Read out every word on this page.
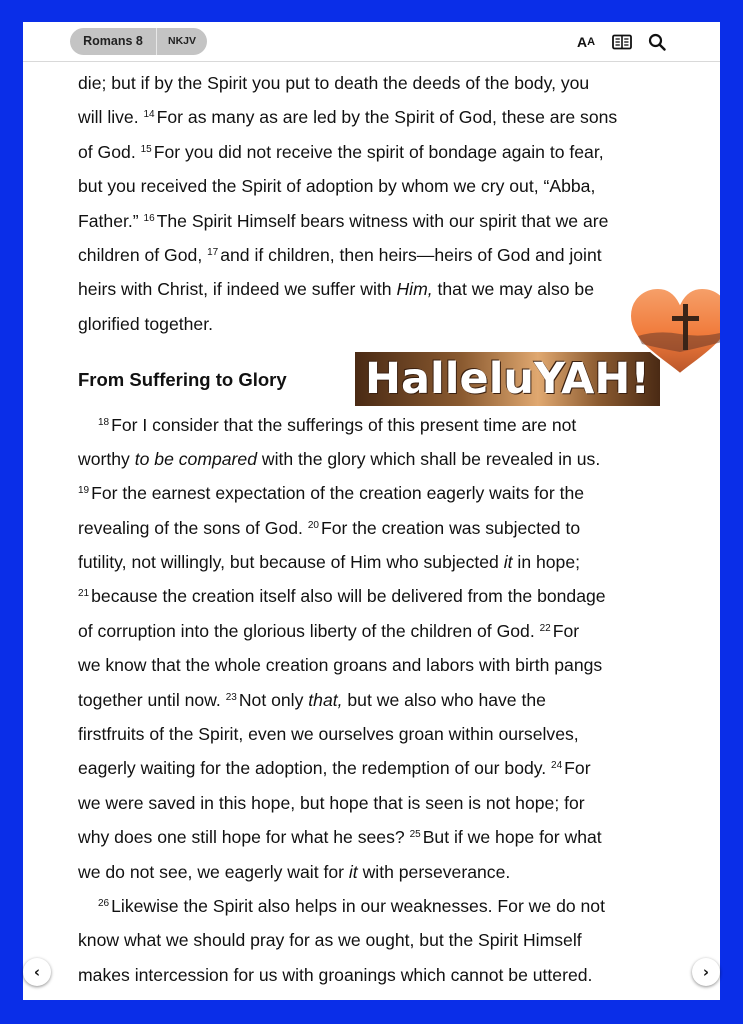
Romans 8	NKJV	A A

die; but if by the Spirit you put to death the deeds of the body, you
will live. $^{14}$ For as many as are led by the Spirit of God, these are sons
of God. $^{15}$ For you did not receive the spirit of bondage again to fear,
but you received the Spirit of adoption by whom we cry out, “Abba,
Father.” $^{16}$ The Spirit Himself bears witness with our spirit that we are
children of God, $^{17}$ and if children, then heirs—heirs of God and joint
heirs with Christ, if indeed we suffer with Him, that we may also be
glorified together.

From Suffering to Glory

$^{18}$ For I consider that the sufferings of this present time are not
worthy to be compared with the glory which shall be revealed in us.
$^{19}$ For the earnest expectation of the creation eagerly waits for the
revealing of the sons of God. $^{20}$ For the creation was subjected to
futility, not willingly, but because of Him who subjected it in hope;
$^{21}$ because the creation itself also will be delivered from the bondage
of corruption into the glorious liberty of the children of God. $^{22}$ For
we know that the whole creation groans and labors with birth pangs
together until now. $^{23}$ Not only that, but we also who have the
firstfruits of the Spirit, even we ourselves groan within ourselves,
eagerly waiting for the adoption, the redemption of our body. $^{24}$ For
we were saved in this hope, but hope that is seen is not hope; for
why does one still hope for what he sees? $^{25}$ But if we hope for what
we do not see, we eagerly wait for it with perseverance.

$^{26}$ Likewise the Spirit also helps in our weaknesses. For we do not
know what we should pray for as we ought, but the Spirit Himself
makes intercession for us with groanings which cannot be uttered.

HalleluYAH!
‹	›
